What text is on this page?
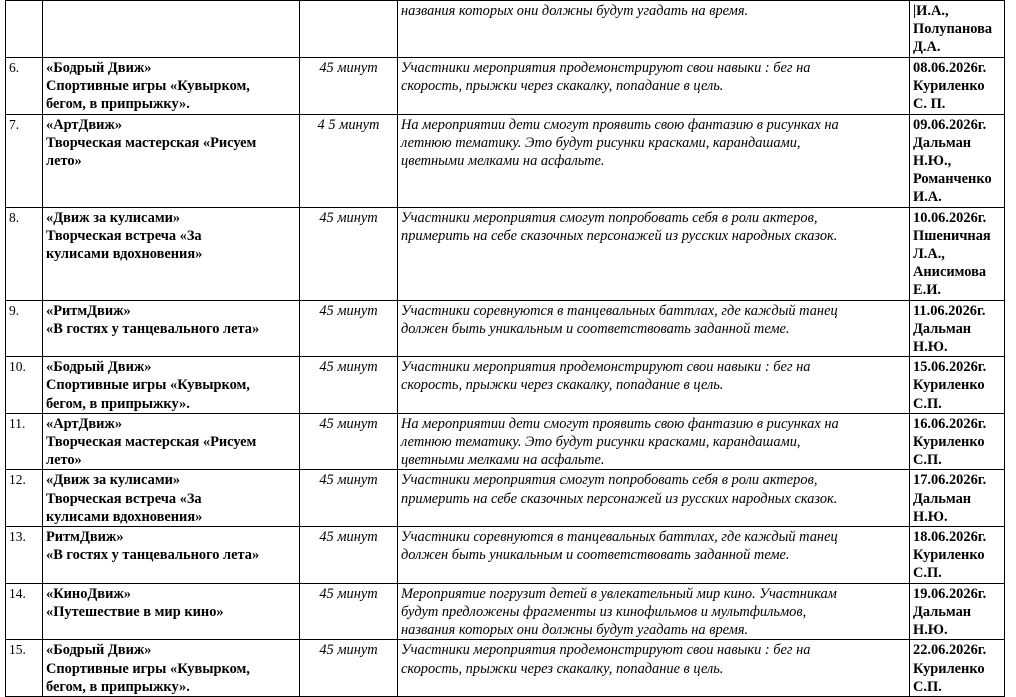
			названия которых они должны будут угадать на время.	|И.А.,
Полупанова
Д.А.

6.	«Бодрый Движ»
Спортивные игры «Кувырком,
бегом, в припрыжку».	45 минут	Участники мероприятия продемонстрируют свои навыки : бег на
скорость, прыжки через скакалку, попадание в цель.	08.06.2026г.
Куриленко
С. П.

7.	«АртДвиж»
Творческая мастерская «Рисуем
лето»	4 5 минут	На мероприятии дети смогут проявить свою фантазию в рисунках на
летнюю тематику. Это будут рисунки красками, карандашами,
цветными мелками на асфальте.	09.06.2026г.
Дальман
Н.Ю.,
Романченко
И.А.

8.	«Движ за кулисами»
Творческая встреча «За
кулисами вдохновения»	45 минут	Участники мероприятия смогут попробовать себя в роли актеров,
примерить на себе сказочных персонажей из русских народных сказок.	10.06.2026г.
Пшеничная
Л.А.,
Анисимова
Е.И.

9.	«РитмДвиж»
«В гостях у танцевального лета»	45 минут	Участники соревнуются в танцевальных баттлах, где каждый танец
должен быть уникальным и соответствовать заданной теме.	11.06.2026г.
Дальман
Н.Ю.

10.	«Бодрый Движ»
Спортивные игры «Кувырком,
бегом, в припрыжку».	45 минут	Участники мероприятия продемонстрируют свои навыки : бег на
скорость, прыжки через скакалку, попадание в цель.	15.06.2026г.
Куриленко
С.П.

11.	«АртДвиж»
Творческая мастерская «Рисуем
лето»	45 минут	На мероприятии дети смогут проявить свою фантазию в рисунках на
летнюю тематику. Это будут рисунки красками, карандашами,
цветными мелками на асфальте.	16.06.2026г.
Куриленко
С.П.

12.	«Движ за кулисами»
Творческая встреча «За
кулисами вдохновения»	45 минут	Участники мероприятия смогут попробовать себя в роли актеров,
примерить на себе сказочных персонажей из русских народных сказок.	17.06.2026г.
Дальман
Н.Ю.

13.	РитмДвиж»
«В гостях у танцевального лета»	45 минут	Участники соревнуются в танцевальных баттлах, где каждый танец
должен быть уникальным и соответствовать заданной теме.	18.06.2026г.
Куриленко
С.П.

14.	«КиноДвиж»
«Путешествие в мир кино»	45 минут	Мероприятие погрузит детей в увлекательный мир кино. Участникам
будут предложены фрагменты из кинофильмов и мультфильмов,
названия которых они должны будут угадать на время.	19.06.2026г.
Дальман
Н.Ю.

15.	«Бодрый Движ»
Спортивные игры «Кувырком,
бегом, в припрыжку».	45 минут	Участники мероприятия продемонстрируют свои навыки : бег на
скорость, прыжки через скакалку, попадание в цель.	22.06.2026г.
Куриленко
С.П.
